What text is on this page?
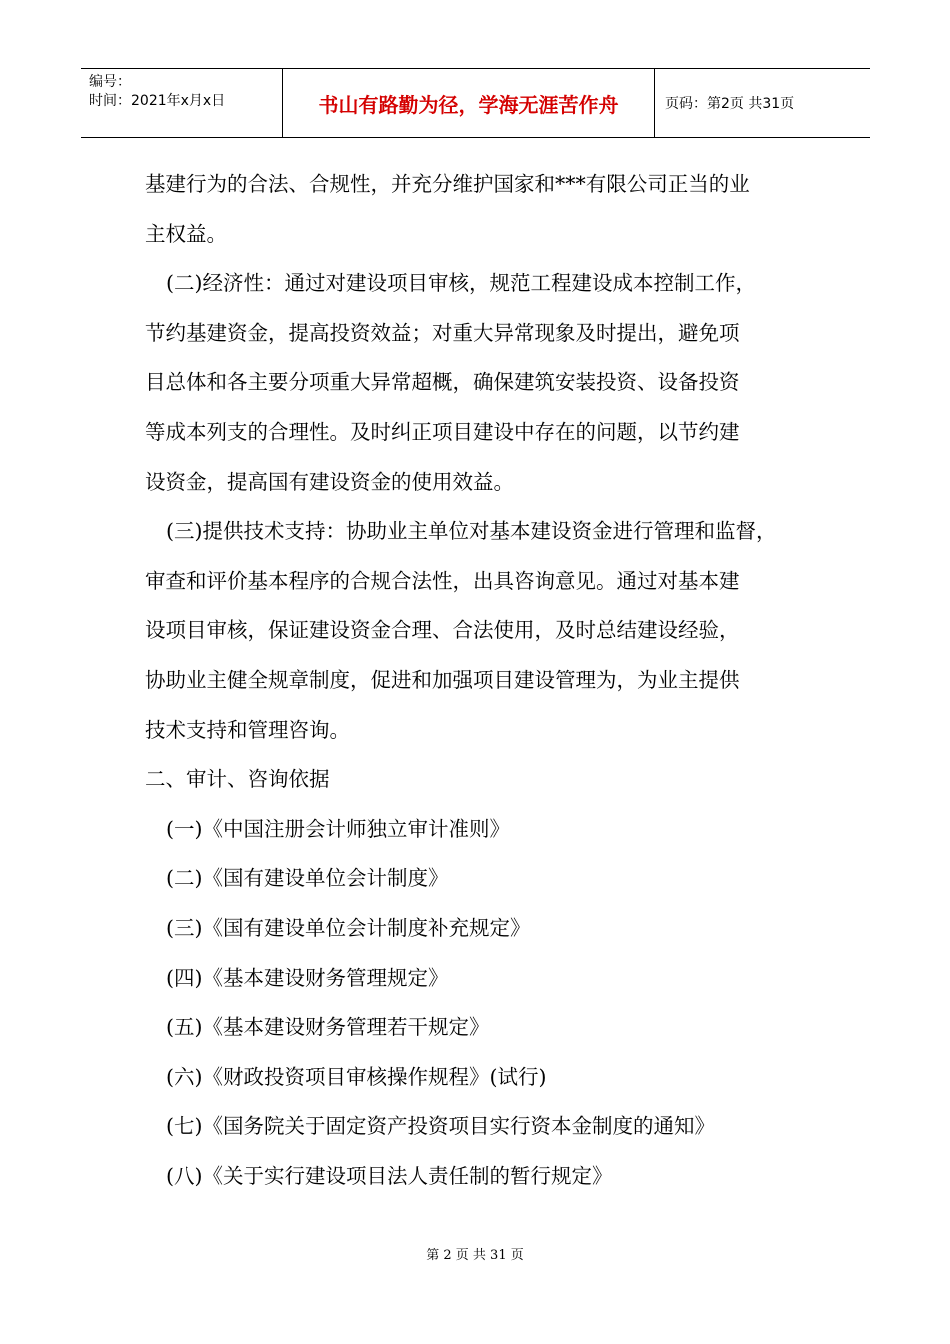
编号：
时间：2021年x月x日	书山有路勤为径，学海无涯苦作舟	页码：第2页 共31页

基建行为的合法、合规性，并充分维护国家和***有限公司正当的业

主权益。

(二)经济性：通过对建设项目审核，规范工程建设成本控制工作，

节约基建资金，提高投资效益；对重大异常现象及时提出，避免项

目总体和各主要分项重大异常超概，确保建筑安装投资、设备投资

等成本列支的合理性。及时纠正项目建设中存在的问题，以节约建

设资金，提高国有建设资金的使用效益。

(三)提供技术支持：协助业主单位对基本建设资金进行管理和监督，

审查和评价基本程序的合规合法性，出具咨询意见。通过对基本建

设项目审核，保证建设资金合理、合法使用，及时总结建设经验，

协助业主健全规章制度，促进和加强项目建设管理为，为业主提供

技术支持和管理咨询。

二、审计、咨询依据

(一)《中国注册会计师独立审计准则》

(二)《国有建设单位会计制度》

(三)《国有建设单位会计制度补充规定》

(四)《基本建设财务管理规定》

(五)《基本建设财务管理若干规定》

(六)《财政投资项目审核操作规程》(试行)

(七)《国务院关于固定资产投资项目实行资本金制度的通知》

(八)《关于实行建设项目法人责任制的暂行规定》

第 2 页 共 31 页
